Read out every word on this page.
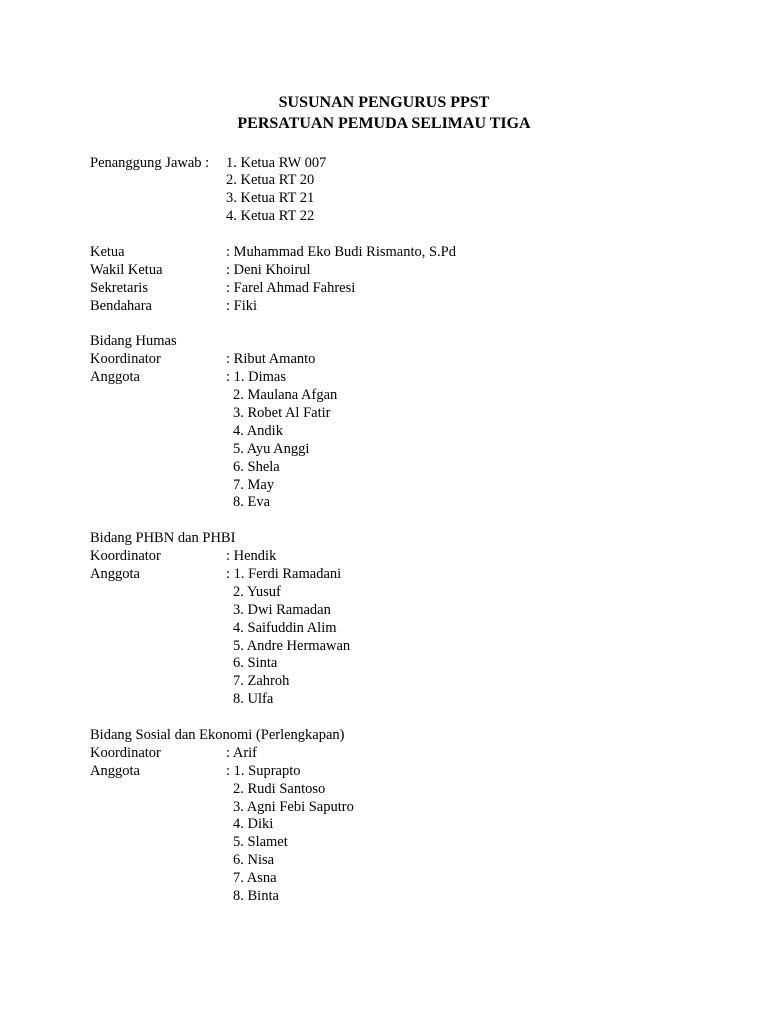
SUSUNAN PENGURUS PPST
PERSATUAN PEMUDA SELIMAU TIGA
Penanggung Jawab :	1. Ketua RW 007
2. Ketua RT 20
3. Ketua RT 21
4. Ketua RT 22
Ketua	: Muhammad Eko Budi Rismanto, S.Pd
Wakil Ketua	: Deni Khoirul
Sekretaris	: Farel Ahmad Fahresi
Bendahara	: Fiki
Bidang Humas
Koordinator	: Ribut Amanto
Anggota	: 1. Dimas
2. Maulana Afgan
3. Robet Al Fatir
4. Andik
5. Ayu Anggi
6. Shela
7. May
8. Eva
Bidang PHBN dan PHBI
Koordinator	: Hendik
Anggota	: 1. Ferdi Ramadani
2. Yusuf
3. Dwi Ramadan
4. Saifuddin Alim
5. Andre Hermawan
6. Sinta
7. Zahroh
8. Ulfa
Bidang Sosial dan Ekonomi (Perlengkapan)
Koordinator	: Arif
Anggota	: 1. Suprapto
2. Rudi Santoso
3. Agni Febi Saputro
4. Diki
5. Slamet
6. Nisa
7. Asna
8. Binta
